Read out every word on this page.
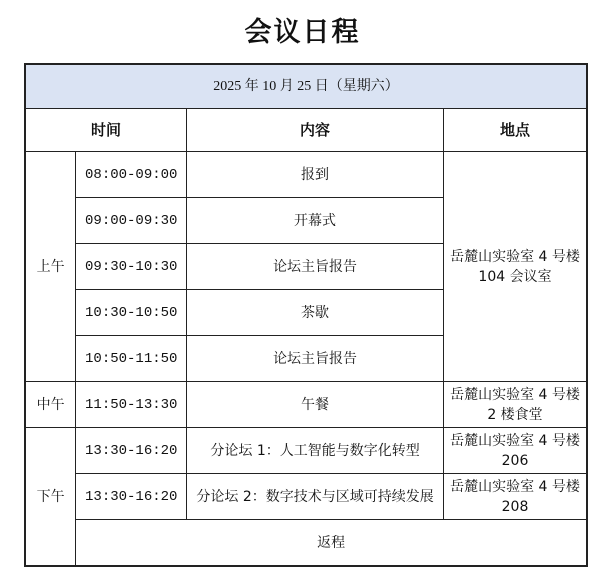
会议日程
2025 年 10 月 25 日（星期六）			
时间		内容	地点
上午	08:00-09:00	报到	岳麓山实验室 4 号楼 104 会议室
	09:00-09:30	开幕式	
	09:30-10:30	论坛主旨报告	
	10:30-10:50	茶歇	
	10:50-11:50	论坛主旨报告	
中午	11:50-13:30	午餐	岳麓山实验室 4 号楼 2 楼食堂
下午	13:30-16:20	分论坛 1：人工智能与数字化转型	岳麓山实验室 4 号楼 206
	13:30-16:20	分论坛 2：数字技术与区域可持续发展	岳麓山实验室 4 号楼 208
	返程		
